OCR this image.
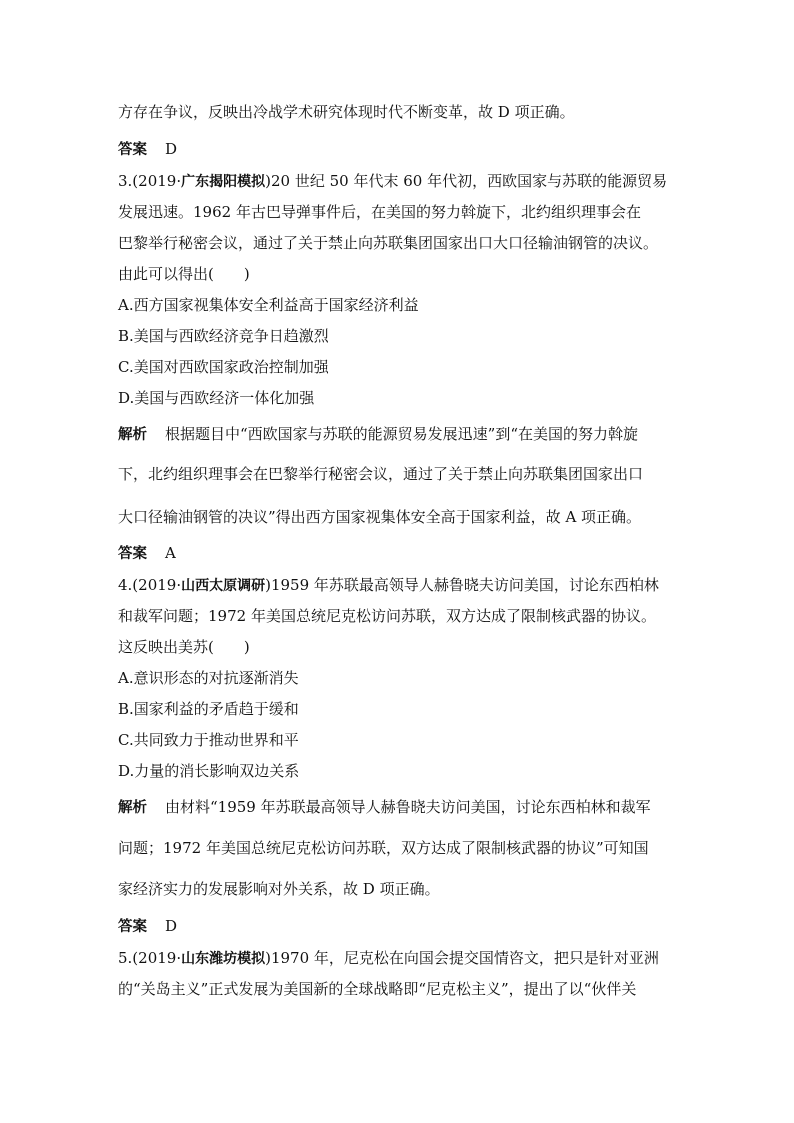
方存在争议，反映出冷战学术研究体现时代不断变革，故 D 项正确。
答案 D
3.(2019·广东揭阳模拟)20 世纪 50 年代末 60 年代初，西欧国家与苏联的能源贸易
发展迅速。1962 年古巴导弹事件后，在美国的努力斡旋下，北约组织理事会在
巴黎举行秘密会议，通过了关于禁止向苏联集团国家出口大口径输油钢管的决议。
由此可以得出(　　)
A.西方国家视集体安全利益高于国家经济利益
B.美国与西欧经济竞争日趋激烈
C.美国对西欧国家政治控制加强
D.美国与西欧经济一体化加强
解析 根据题目中“西欧国家与苏联的能源贸易发展迅速”到“在美国的努力斡旋
下，北约组织理事会在巴黎举行秘密会议，通过了关于禁止向苏联集团国家出口
大口径输油钢管的决议”得出西方国家视集体安全高于国家利益，故 A 项正确。
答案 A
4.(2019·山西太原调研)1959 年苏联最高领导人赫鲁晓夫访问美国，讨论东西柏林
和裁军问题；1972 年美国总统尼克松访问苏联，双方达成了限制核武器的协议。
这反映出美苏(　　)
A.意识形态的对抗逐渐消失
B.国家利益的矛盾趋于缓和
C.共同致力于推动世界和平
D.力量的消长影响双边关系
解析 由材料“1959 年苏联最高领导人赫鲁晓夫访问美国，讨论东西柏林和裁军
问题；1972 年美国总统尼克松访问苏联，双方达成了限制核武器的协议”可知国
家经济实力的发展影响对外关系，故 D 项正确。
答案 D
5.(2019·山东潍坊模拟)1970 年，尼克松在向国会提交国情咨文，把只是针对亚洲
的“关岛主义”正式发展为美国新的全球战略即“尼克松主义”，提出了以“伙伴关
